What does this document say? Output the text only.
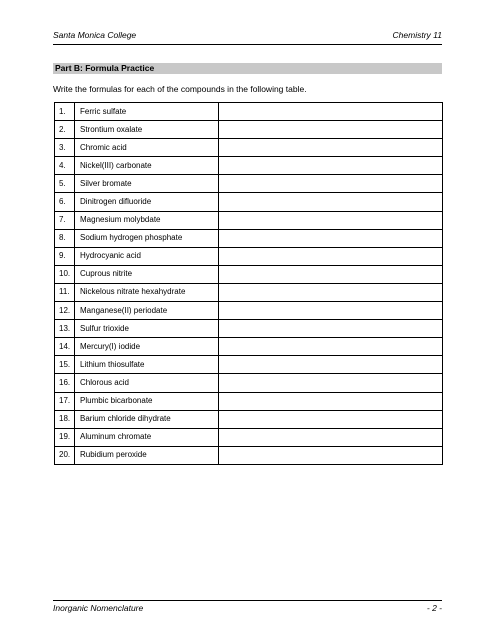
Santa Monica College	Chemistry 11
Part B: Formula Practice
Write the formulas for each of the compounds in the following table.
1.	Ferric sulfate	
2.	Strontium oxalate	
3.	Chromic acid	
4.	Nickel(III) carbonate	
5.	Silver bromate	
6.	Dinitrogen difluoride	
7.	Magnesium molybdate	
8.	Sodium hydrogen phosphate	
9.	Hydrocyanic acid	
10.	Cuprous nitrite	
11.	Nickelous nitrate hexahydrate	
12.	Manganese(II) periodate	
13.	Sulfur trioxide	
14.	Mercury(I) iodide	
15.	Lithium thiosulfate	
16.	Chlorous acid	
17.	Plumbic bicarbonate	
18.	Barium chloride dihydrate	
19.	Aluminum chromate	
20.	Rubidium peroxide	
Inorganic Nomenclature	- 2 -
